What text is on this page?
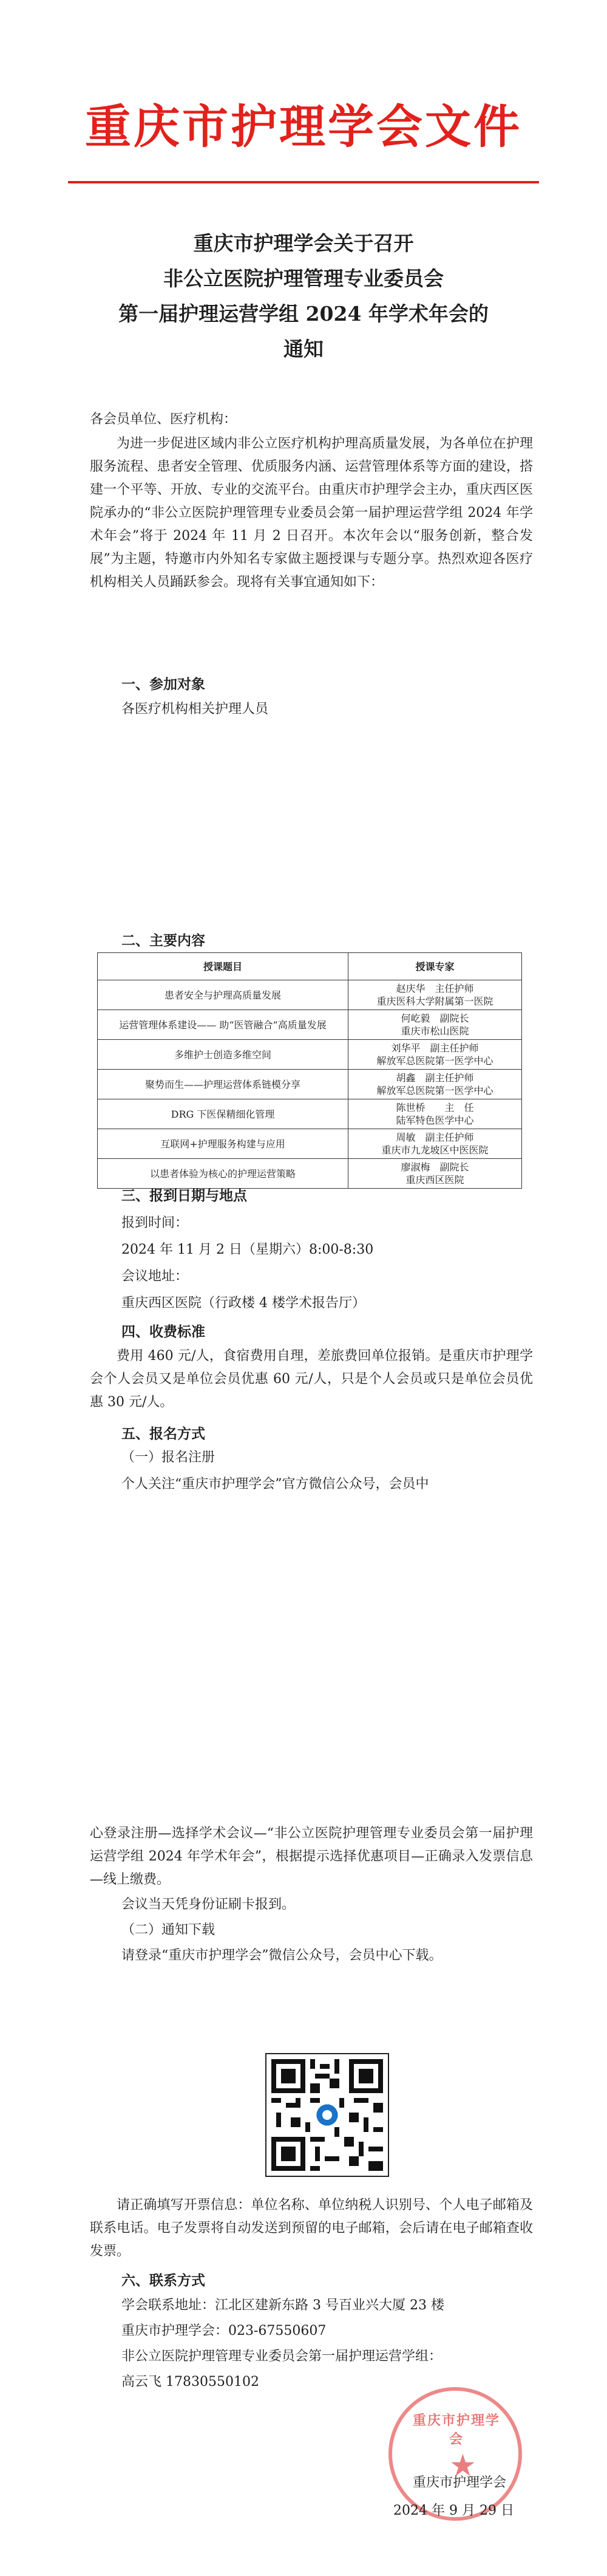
重庆市护理学会文件
重庆市护理学会关于召开
非公立医院护理管理专业委员会
第一届护理运营学组 2024 年学术年会的
通知
各会员单位、医疗机构：
为进一步促进区域内非公立医疗机构护理高质量发展，为各单位在护理服务流程、患者安全管理、优质服务内涵、运营管理体系等方面的建设，搭建一个平等、开放、专业的交流平台。由重庆市护理学会主办，重庆西区医院承办的“非公立医院护理管理专业委员会第一届护理运营学组 2024 年学术年会”将于 2024 年 11 月 2 日召开。本次年会以“服务创新，整合发展”为主题，特邀市内外知名专家做主题授课与专题分享。热烈欢迎各医疗机构相关人员踊跃参会。现将有关事宜通知如下：
一、参加对象
各医疗机构相关护理人员
二、主要内容
授课题目	授课专家
患者安全与护理高质量发展	赵庆华　主任护师
重庆医科大学附属第一医院

运营管理体系建设—— 助“医管融合”高质量发展	何屹毅　副院长
重庆市松山医院

多维护士创造多维空间	刘华平　副主任护师
解放军总医院第一医学中心

聚势而生——护理运营体系链模分享	胡鑫　副主任护师
解放军总医院第一医学中心

DRG 下医保精细化管理	陈世桥　　主　任
陆军特色医学中心

互联网+护理服务构建与应用	周敏　副主任护师
重庆市九龙坡区中医医院

以患者体验为核心的护理运营策略	廖淑梅　副院长
重庆西区医院
三、报到日期与地点
报到时间：
2024 年 11 月 2 日（星期六）8:00-8:30
会议地址：
重庆西区医院（行政楼 4 楼学术报告厅）
四、收费标准
费用 460 元/人，食宿费用自理，差旅费回单位报销。是重庆市护理学会个人会员又是单位会员优惠 60 元/人，只是个人会员或只是单位会员优惠 30 元/人。
五、报名方式
（一）报名注册
个人关注“重庆市护理学会”官方微信公众号，会员中
心登录注册—选择学术会议—“非公立医院护理管理专业委员会第一届护理运营学组 2024 年学术年会”，根据提示选择优惠项目—正确录入发票信息—线上缴费。
会议当天凭身份证刷卡报到。
（二）通知下载
请登录“重庆市护理学会”微信公众号，会员中心下载。
请正确填写开票信息：单位名称、单位纳税人识别号、个人电子邮箱及联系电话。电子发票将自动发送到预留的电子邮箱，会后请在电子邮箱查收发票。
六、联系方式
学会联系地址：江北区建新东路 3 号百业兴大厦 23 楼
重庆市护理学会：023-67550607
非公立医院护理管理专业委员会第一届护理运营学组：
高云飞 17830550102
重庆市护理学会
★
重庆市护理学会
2024 年 9 月 29 日
